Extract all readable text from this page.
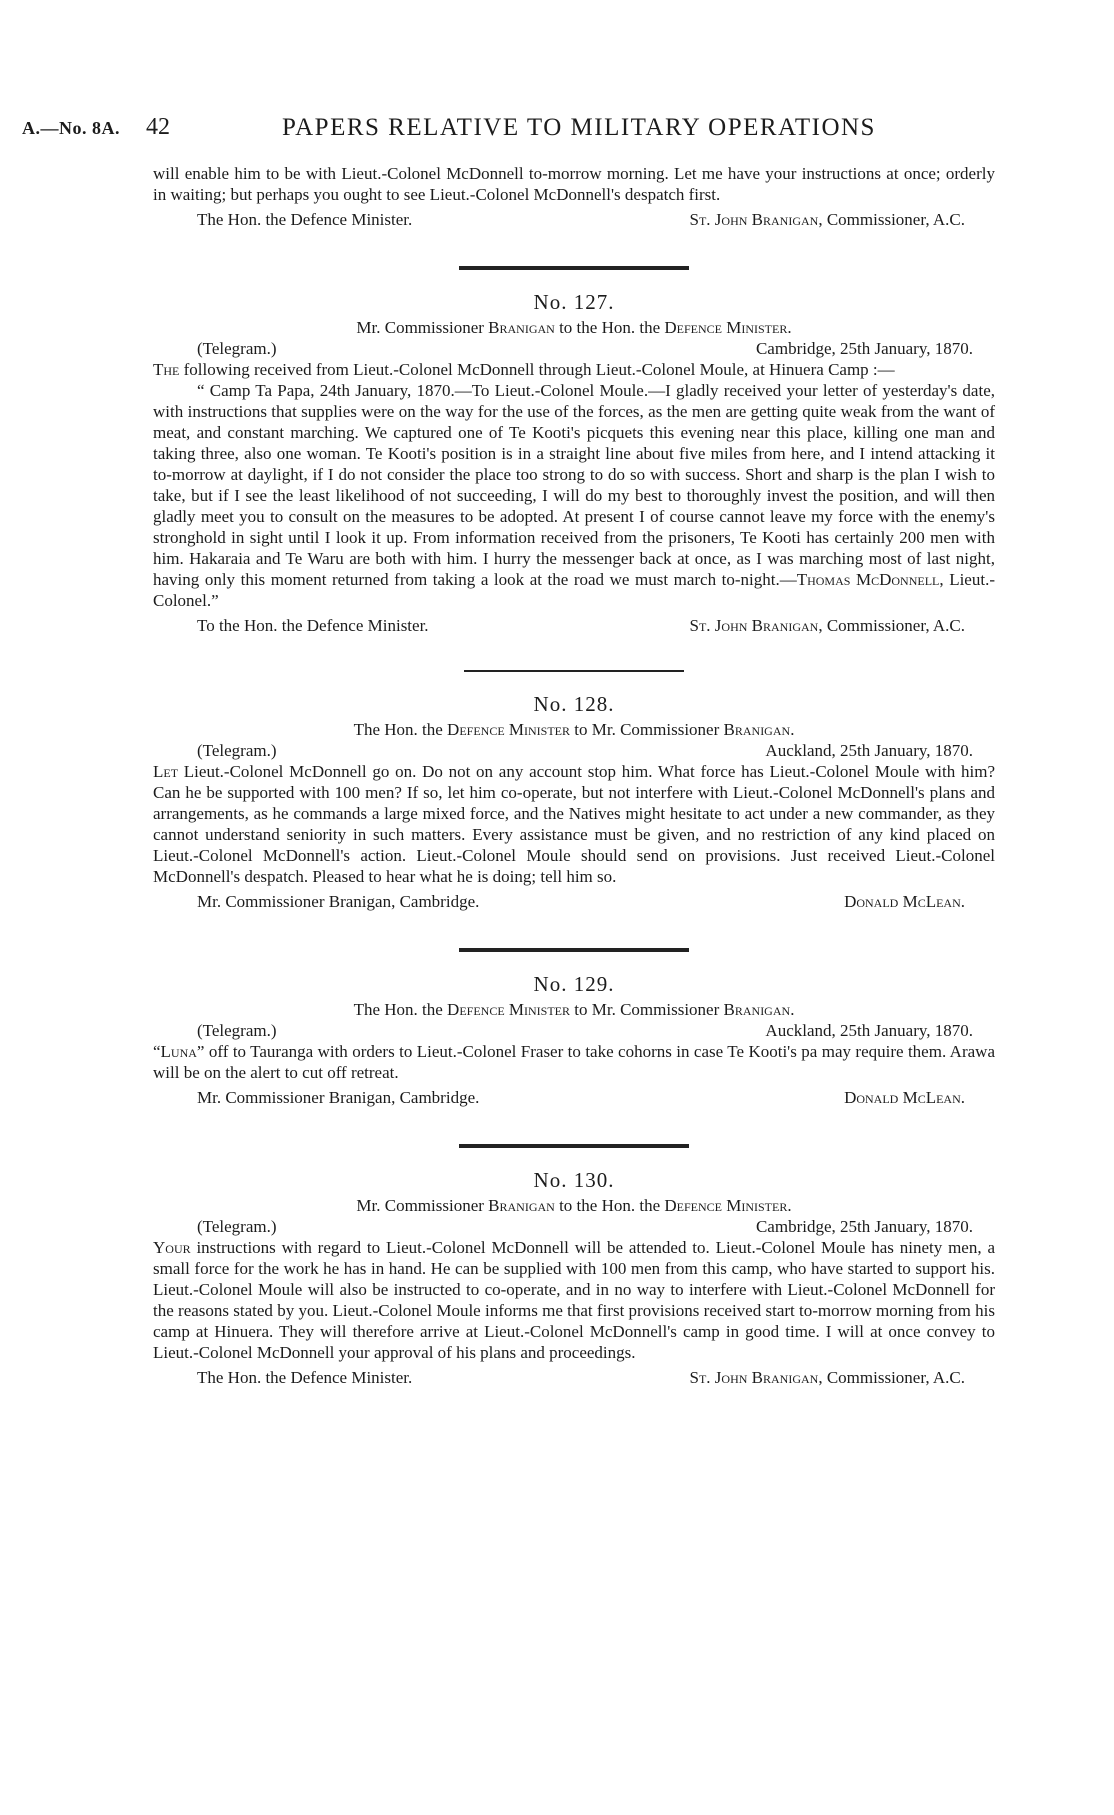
A.—No. 8A. 42	PAPERS RELATIVE TO MILITARY OPERATIONS

will enable him to be with Lieut.-Colonel McDonnell to-morrow morning. Let me have your instructions at once; orderly in waiting; but perhaps you ought to see Lieut.-Colonel McDonnell's despatch first.

The Hon. the Defence Minister.	St. John Branigan, Commissioner, A.C.
No. 127.
Mr. Commissioner Branigan to the Hon. the Defence Minister.
(Telegram.)	Cambridge, 25th January, 1870.

The following received from Lieut.-Colonel McDonnell through Lieut.-Colonel Moule, at Hinuera Camp :—

“ Camp Ta Papa, 24th January, 1870.—To Lieut.-Colonel Moule.—I gladly received your letter of yesterday's date, with instructions that supplies were on the way for the use of the forces, as the men are getting quite weak from the want of meat, and constant marching. We captured one of Te Kooti's picquets this evening near this place, killing one man and taking three, also one woman. Te Kooti's position is in a straight line about five miles from here, and I intend attacking it to-morrow at daylight, if I do not consider the place too strong to do so with success. Short and sharp is the plan I wish to take, but if I see the least likelihood of not succeeding, I will do my best to thoroughly invest the position, and will then gladly meet you to consult on the measures to be adopted. At present I of course cannot leave my force with the enemy's stronghold in sight until I look it up. From information received from the prisoners, Te Kooti has certainly 200 men with him. Hakaraia and Te Waru are both with him. I hurry the messenger back at once, as I was marching most of last night, having only this moment returned from taking a look at the road we must march to-night.—Thomas McDonnell, Lieut.-Colonel.”

To the Hon. the Defence Minister.	St. John Branigan, Commissioner, A.C.
No. 128.
The Hon. the Defence Minister to Mr. Commissioner Branigan.
(Telegram.)	Auckland, 25th January, 1870.

Let Lieut.-Colonel McDonnell go on. Do not on any account stop him. What force has Lieut.-Colonel Moule with him? Can he be supported with 100 men? If so, let him co-operate, but not interfere with Lieut.-Colonel McDonnell's plans and arrangements, as he commands a large mixed force, and the Natives might hesitate to act under a new commander, as they cannot understand seniority in such matters. Every assistance must be given, and no restriction of any kind placed on Lieut.-Colonel McDonnell's action. Lieut.-Colonel Moule should send on provisions. Just received Lieut.-Colonel McDonnell's despatch. Pleased to hear what he is doing; tell him so.

Mr. Commissioner Branigan, Cambridge.	Donald McLean.
No. 129.
The Hon. the Defence Minister to Mr. Commissioner Branigan.
(Telegram.)	Auckland, 25th January, 1870.

“Luna” off to Tauranga with orders to Lieut.-Colonel Fraser to take cohorns in case Te Kooti's pa may require them. Arawa will be on the alert to cut off retreat.

Mr. Commissioner Branigan, Cambridge.	Donald McLean.
No. 130.
Mr. Commissioner Branigan to the Hon. the Defence Minister.
(Telegram.)	Cambridge, 25th January, 1870.

Your instructions with regard to Lieut.-Colonel McDonnell will be attended to. Lieut.-Colonel Moule has ninety men, a small force for the work he has in hand. He can be supplied with 100 men from this camp, who have started to support his. Lieut.-Colonel Moule will also be instructed to co-operate, and in no way to interfere with Lieut.-Colonel McDonnell for the reasons stated by you. Lieut.-Colonel Moule informs me that first provisions received start to-morrow morning from his camp at Hinuera. They will therefore arrive at Lieut.-Colonel McDonnell's camp in good time. I will at once convey to Lieut.-Colonel McDonnell your approval of his plans and proceedings.

The Hon. the Defence Minister.	St. John Branigan, Commissioner, A.C.
